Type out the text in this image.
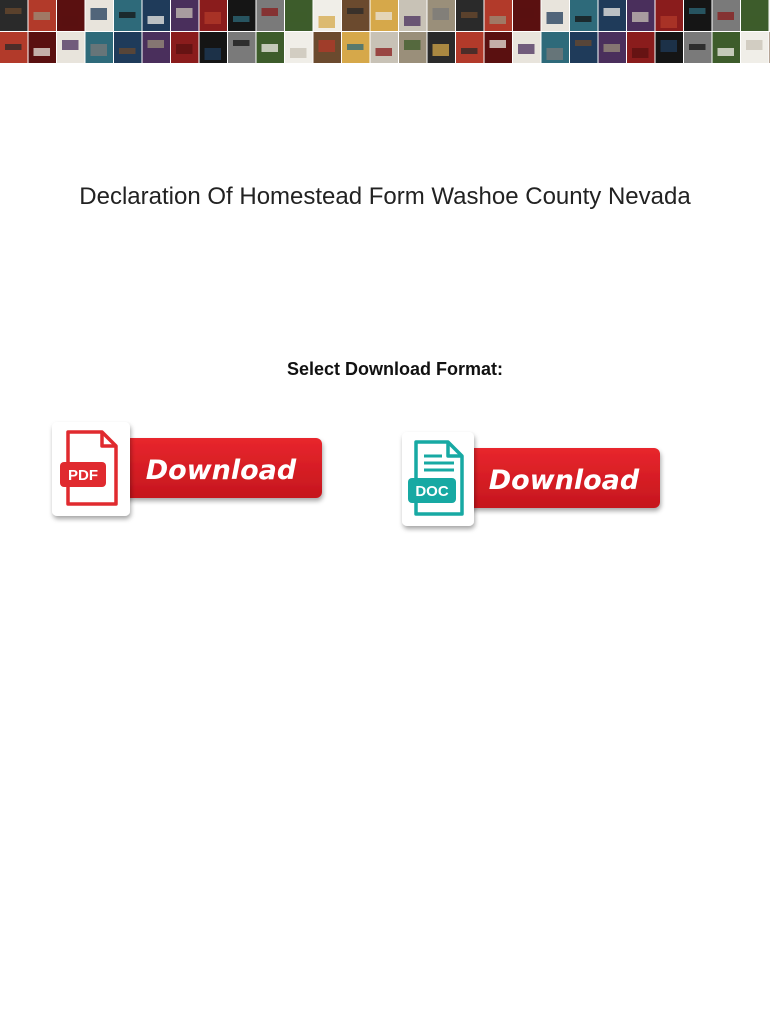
Declaration Of Homestead Form Washoe County Nevada
Select Download Format:
Download
PDF	Download
DOC
